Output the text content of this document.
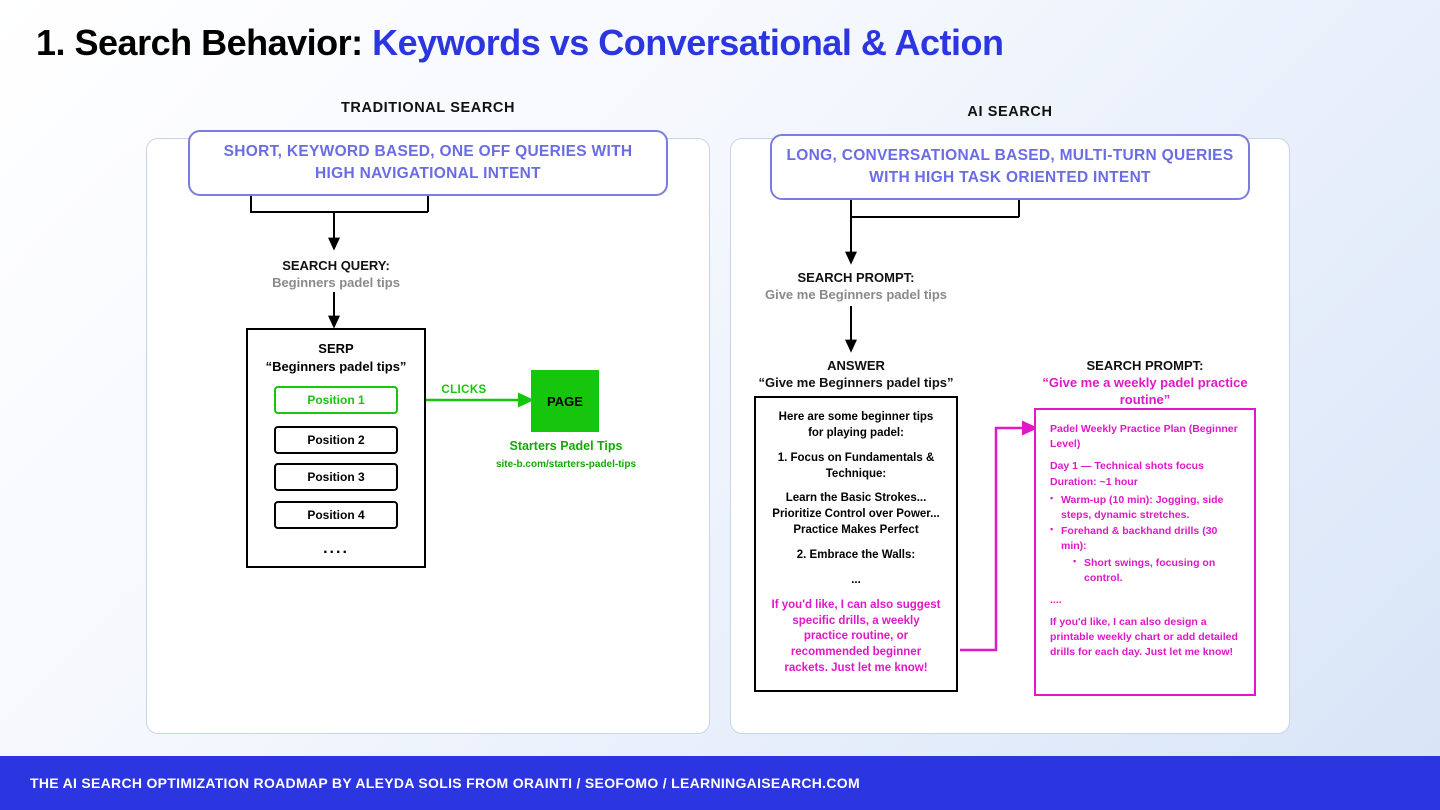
1. Search Behavior: Keywords vs Conversational & Action
TRADITIONAL SEARCH	AI SEARCH
SHORT, KEYWORD BASED, ONE OFF QUERIES WITH HIGH NAVIGATIONAL INTENT
LONG, CONVERSATIONAL BASED, MULTI-TURN QUERIES WITH HIGH TASK ORIENTED INTENT
SEARCH QUERY:
Beginners padel tips
SERP
“Beginners padel tips”
Position 1
Position 2
Position 3
Position 4
....
CLICKS
PAGE
Starters Padel Tips
site-b.com/starters-padel-tips
SEARCH PROMPT:
Give me Beginners padel tips
ANSWER
“Give me Beginners padel tips”

Here are some beginner tips for playing padel:

1. Focus on Fundamentals & Technique:

Learn the Basic Strokes... Prioritize Control over Power... Practice Makes Perfect

2. Embrace the Walls:

...

If you'd like, I can also suggest specific drills, a weekly practice routine, or recommended beginner rackets. Just let me know!

SEARCH PROMPT:
“Give me a weekly padel practice routine”

Padel Weekly Practice Plan (Beginner Level)

Day 1 — Technical shots focus

Duration: ~1 hour

▪ Warm-up (10 min): Jogging, side steps, dynamic stretches.
▪ Forehand & backhand drills (30 min):
▪ Short swings, focusing on control.

....

If you'd like, I can also design a printable weekly chart or add detailed drills for each day. Just let me know!

THE AI SEARCH OPTIMIZATION ROADMAP BY ALEYDA SOLIS FROM ORAINTI / SEOFOMO / LEARNINGAISEARCH.COM
